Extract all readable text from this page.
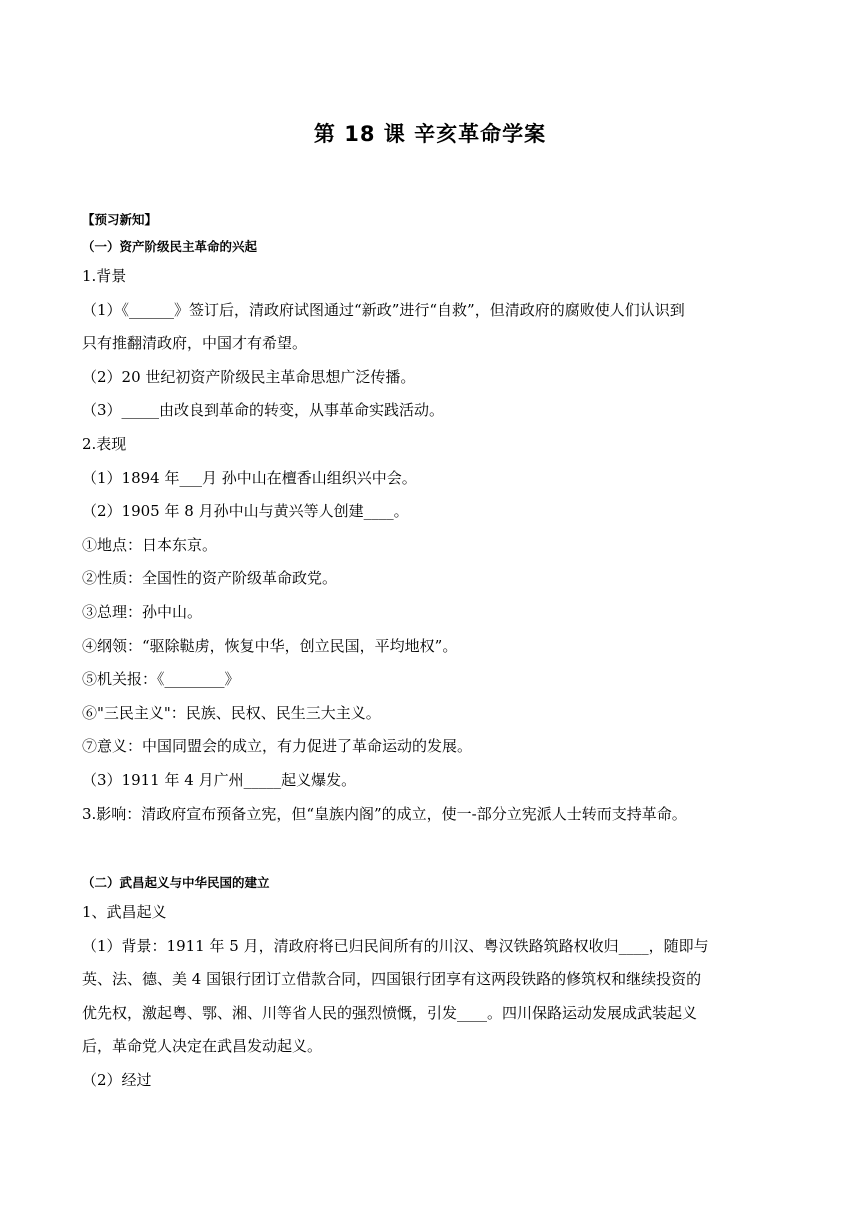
第 18 课 辛亥革命学案
【预习新知】
（一）资产阶级民主革命的兴起
1.背景
（1）《______》签订后，清政府试图通过“新政”进行“自救”，但清政府的腐败使人们认识到
只有推翻清政府，中国才有希望。
（2）20 世纪初资产阶级民主革命思想广泛传播。
（3）_____由改良到革命的转变，从事革命实践活动。
2.表现
（1）1894 年___月 孙中山在檀香山组织兴中会。
（2）1905 年 8 月孙中山与黄兴等人创建____。
①地点：日本东京。
②性质：全国性的资产阶级革命政党。
③总理：孙中山。
④纲领：“驱除鞑虏，恢复中华，创立民国，平均地权”。
⑤机关报：《________》
⑥"三民主义"：民族、民权、民生三大主义。
⑦意义：中国同盟会的成立，有力促进了革命运动的发展。
（3）1911 年 4 月广州_____起义爆发。
3.影响：清政府宣布预备立宪，但“皇族内阁”的成立，使一-部分立宪派人士转而支持革命。
（二）武昌起义与中华民国的建立
1、武昌起义
（1）背景：1911 年 5 月，清政府将已归民间所有的川汉、粤汉铁路筑路权收归____，随即与
英、法、德、美 4 国银行团订立借款合同，四国银行团享有这两段铁路的修筑权和继续投资的
优先权，激起粤、鄂、湘、川等省人民的强烈愤慨，引发____。四川保路运动发展成武装起义
后，革命党人决定在武昌发动起义。
（2）经过
